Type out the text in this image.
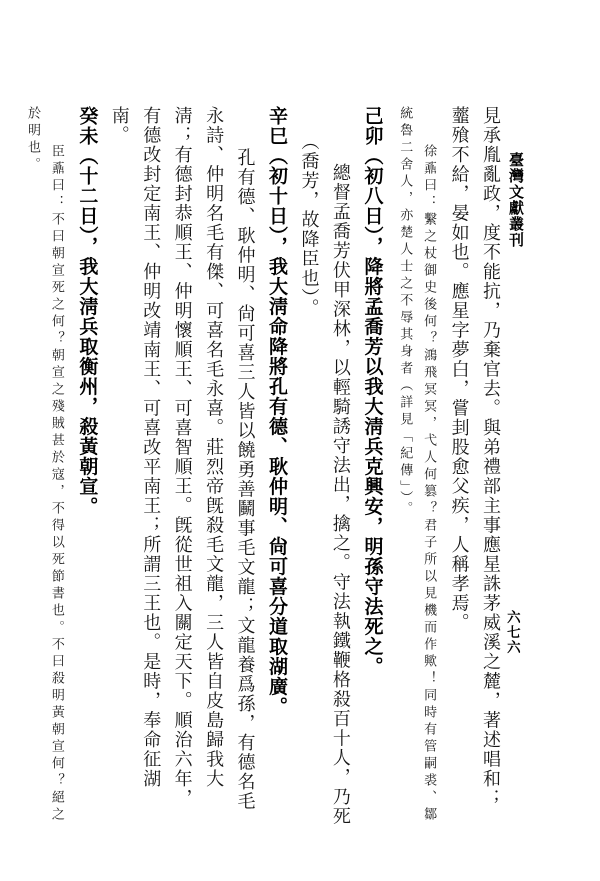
臺灣文獻叢刊
六七六
見承胤亂政，度不能抗，乃棄官去。與弟禮部主事應星誅茅威溪之麓，著述唱和；
虀飱不給，晏如也。應星字夢白，嘗刲股愈父疾，人稱孝焉。
徐鼒曰：繫之杖御史後何？鴻飛冥冥，弋人何篡？君子所以見機而作歟！同時有管嗣裘、鄒
統魯二舍人，亦楚人士之不辱其身者（詳見「紀傳」）。
己卯（初八日），降將孟喬芳以我大淸兵克興安，明孫守法死之。
總督孟喬芳伏甲深林，以輕騎誘守法出，擒之。守法執鐵鞭格殺百十人，乃死
（喬芳，故降臣也）。
辛巳（初十日），我大淸命降將孔有德、耿仲明、尙可喜分道取湖廣。
孔有德、耿仲明、尙可喜三人皆以饒勇善鬭事毛文龍；文龍養爲孫，有德名毛
永詩、仲明名毛有傑、可喜名毛永喜。莊烈帝旣殺毛文龍，三人皆自皮島歸我大
淸；有德封恭順王、仲明懷順王、可喜智順王。旣從世祖入關定天下。順治六年，
有德改封定南王、仲明改靖南王、可喜改平南王；所謂三王也。是時，奉命征湖
南。
癸未（十二日），我大淸兵取衡州，殺黃朝宣。
臣鼒曰：不曰朝宣死之何？朝宣之殘賊甚於寇，不得以死節書也。不曰殺明黃朝宣何？絕之
於明也。
